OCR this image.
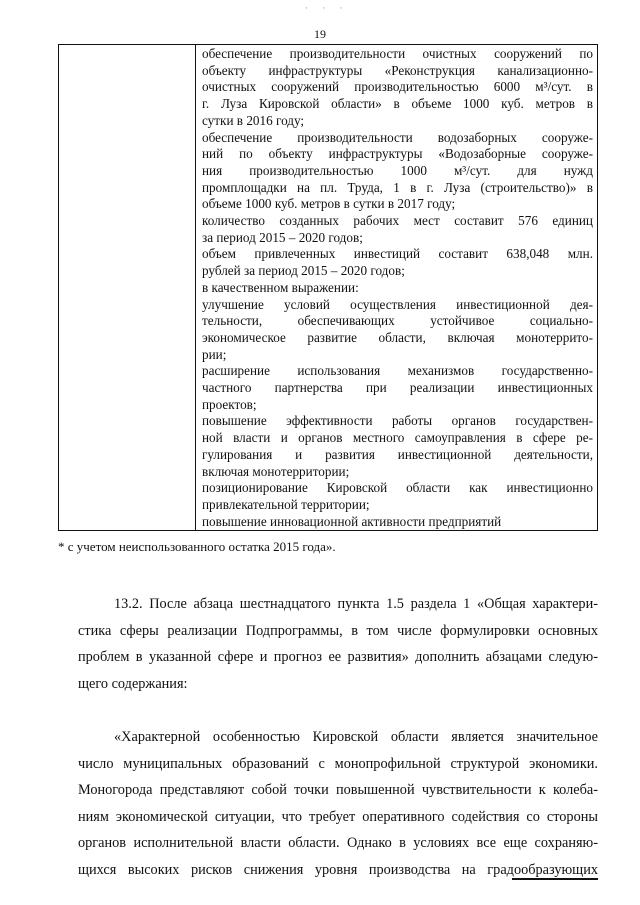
· · ·
19

обеспечение производительности очистных сооружений по
объекту инфраструктуры «Реконструкция канализационно-
очистных сооружений производительностью 6000 м³/сут. в
г. Луза Кировской области» в объеме 1000 куб. метров в
сутки в 2016 году;
обеспечение производительности водозаборных сооруже-
ний по объекту инфраструктуры «Водозаборные сооруже-
ния производительностью 1000 м³/сут. для нужд
промплощадки на пл. Труда, 1 в г. Луза (строительство)» в
объеме 1000 куб. метров в сутки в 2017 году;
количество созданных рабочих мест составит 576 единиц
за период 2015 – 2020 годов;
объем привлеченных инвестиций составит 638,048 млн.
рублей за период 2015 – 2020 годов;
в качественном выражении:
улучшение условий осуществления инвестиционной дея-
тельности, обеспечивающих устойчивое социально-
экономическое развитие области, включая монотеррито-
рии;
расширение использования механизмов государственно-
частного партнерства при реализации инвестиционных
проектов;
повышение эффективности работы органов государствен-
ной власти и органов местного самоуправления в сфере ре-
гулирования и развития инвестиционной деятельности,
включая монотерритории;
позиционирование Кировской области как инвестиционно
привлекательной территории;
повышение инновационной активности предприятий
* с учетом неиспользованного остатка 2015 года».
13.2. После абзаца шестнадцатого пункта 1.5 раздела 1 «Общая характери-
стика сферы реализации Подпрограммы, в том числе формулировки основных
проблем в указанной сфере и прогноз ее развития» дополнить абзацами следую-
щего содержания:
«Характерной особенностью Кировской области является значительное
число муниципальных образований с монопрофильной структурой экономики.
Моногорода представляют собой точки повышенной чувствительности к колеба-
ниям экономической ситуации, что требует оперативного содействия со стороны
органов исполнительной власти области. Однако в условиях все еще сохраняю-
щихся высоких рисков снижения уровня производства на градообразующих
